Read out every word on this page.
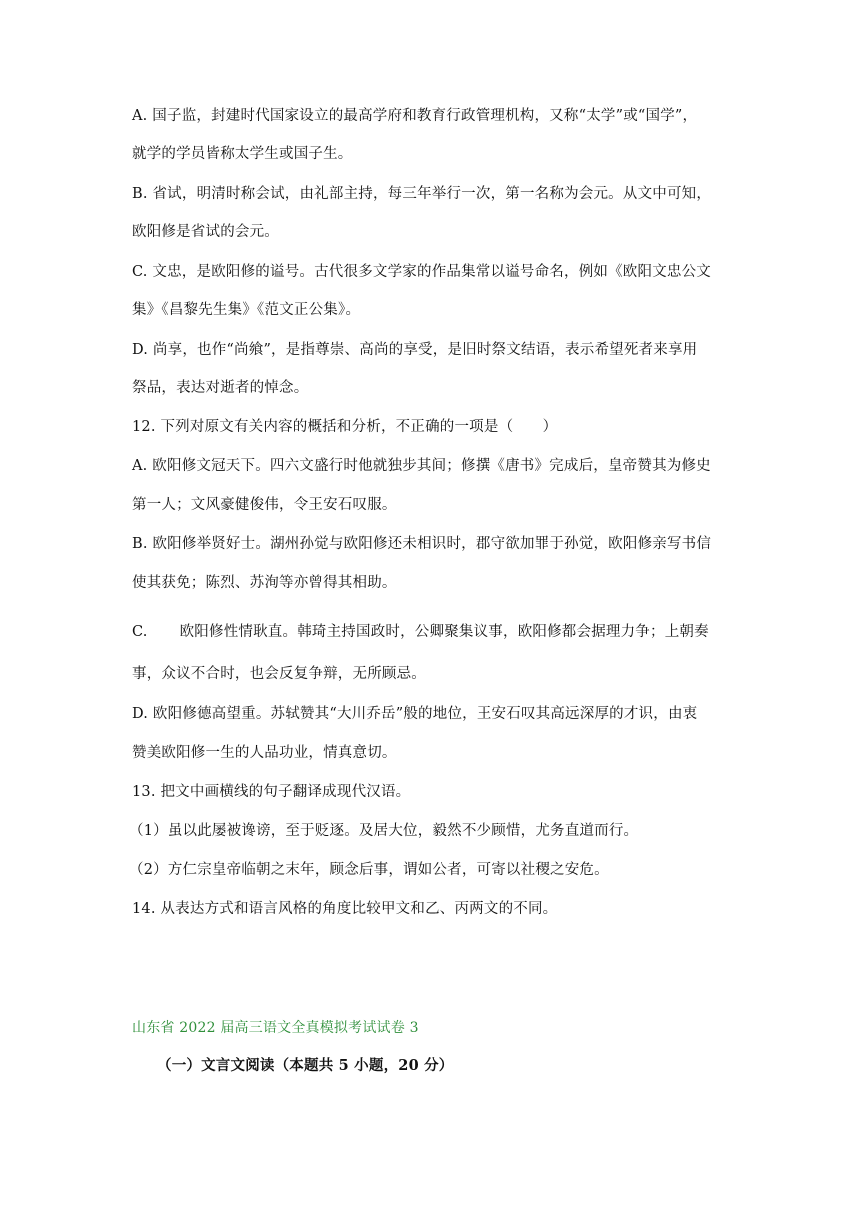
A. 国子监，封建时代国家设立的最高学府和教育行政管理机构，又称“太学”或“国学”，
就学的学员皆称太学生或国子生。
B. 省试，明清时称会试，由礼部主持，每三年举行一次，第一名称为会元。从文中可知，
欧阳修是省试的会元。
C. 文忠，是欧阳修的谥号。古代很多文学家的作品集常以谥号命名，例如《欧阳文忠公文
集》《昌黎先生集》《范文正公集》。
D. 尚享，也作“尚飨”，是指尊崇、高尚的享受，是旧时祭文结语，表示希望死者来享用
祭品，表达对逝者的悼念。
12. 下列对原文有关内容的概括和分析，不正确的一项是（　　）
A. 欧阳修文冠天下。四六文盛行时他就独步其间；修撰《唐书》完成后，皇帝赞其为修史
第一人；文风豪健俊伟，令王安石叹服。
B. 欧阳修举贤好士。湖州孙觉与欧阳修还未相识时，郡守欲加罪于孙觉，欧阳修亲写书信
使其获免；陈烈、苏洵等亦曾得其相助。
C. 欧阳修性情耿直。韩琦主持国政时，公卿聚集议事，欧阳修都会据理力争；上朝奏
事，众议不合时，也会反复争辩，无所顾忌。
D. 欧阳修德高望重。苏轼赞其“大川乔岳”般的地位，王安石叹其高远深厚的才识，由衷
赞美欧阳修一生的人品功业，情真意切。
13. 把文中画横线的句子翻译成现代汉语。
（1）虽以此屡被谗谤，至于贬逐。及居大位，毅然不少顾惜，尤务直道而行。
（2）方仁宗皇帝临朝之末年，顾念后事，谓如公者，可寄以社稷之安危。
14. 从表达方式和语言风格的角度比较甲文和乙、丙两文的不同。
山东省 2022 届高三语文全真模拟考试试卷 3
（一）文言文阅读（本题共 5 小题，20 分）
